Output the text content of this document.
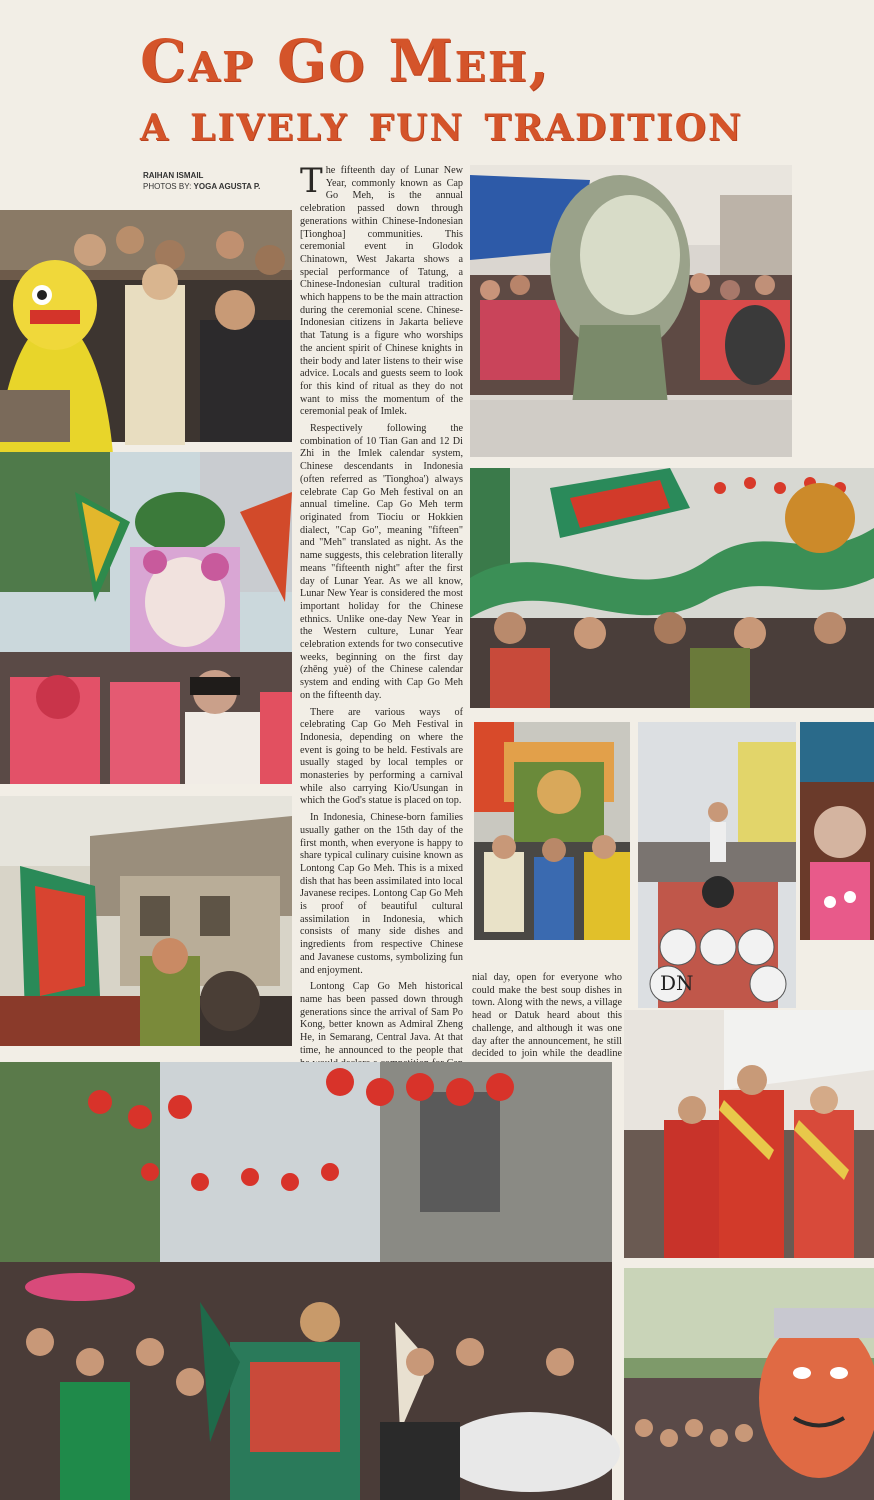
Cap Go Meh,
a lively fun tradition
RAIHAN ISMAIL
PHOTOS BY: YOGA AGUSTA P.
DN
T he fifteenth day of Lunar New Year, commonly known as Cap Go Meh, is the annual celebration passed down through generations within Chinese-Indonesian [Tionghoa] communities. This ceremonial event in Glodok Chinatown, West Jakarta shows a special performance of Tatung, a Chinese-Indonesian cultural tradition which happens to be the main attraction during the ceremonial scene. Chinese-Indonesian citizens in Jakarta believe that Tatung is a figure who worships the ancient spirit of Chinese knights in their body and later listens to their wise advice. Locals and guests seem to look for this kind of ritual as they do not want to miss the momentum of the ceremonial peak of Imlek.

Respectively following the combination of 10 Tian Gan and 12 Di Zhi in the Imlek calendar system, Chinese descendants in Indonesia (often referred as 'Tionghoa') always celebrate Cap Go Meh festival on an annual timeline. Cap Go Meh term originated from Tiociu or Hokkien dialect, "Cap Go", meaning "fifteen" and "Meh" translated as night. As the name suggests, this celebration literally means "fifteenth night" after the first day of Lunar Year. As we all know, Lunar New Year is considered the most important holiday for the Chinese ethnics. Unlike one-day New Year in the Western culture, Lunar Year celebration extends for two consecutive weeks, beginning on the first day (zhēng yuè) of the Chinese calendar system and ending with Cap Go Meh on the fifteenth day.

There are various ways of celebrating Cap Go Meh Festival in Indonesia, depending on where the event is going to be held. Festivals are usually staged by local temples or monasteries by performing a carnival while also carrying Kio/Usungan in which the God's statue is placed on top.

In Indonesia, Chinese-born families usually gather on the 15th day of the first month, when everyone is happy to share typical culinary cuisine known as Lontong Cap Go Meh. This is a mixed dish that has been assimilated into local Javanese recipes. Lontong Cap Go Meh is proof of beautiful cultural assimilation in Indonesia, which consists of many side dishes and ingredients from respective Chinese and Javanese customs, symbolizing fun and enjoyment.

Lontong Cap Go Meh historical name has been passed down through generations since the arrival of Sam Po Kong, better known as Admiral Zheng He, in Semarang, Central Java. At that time, he announced to the people that

nial day, open for everyone who could make the best soup dishes in town. Along with the news, a village head or Datuk heard about this challenge, and although it was one day after the announcement, he still decided to join while the deadline
